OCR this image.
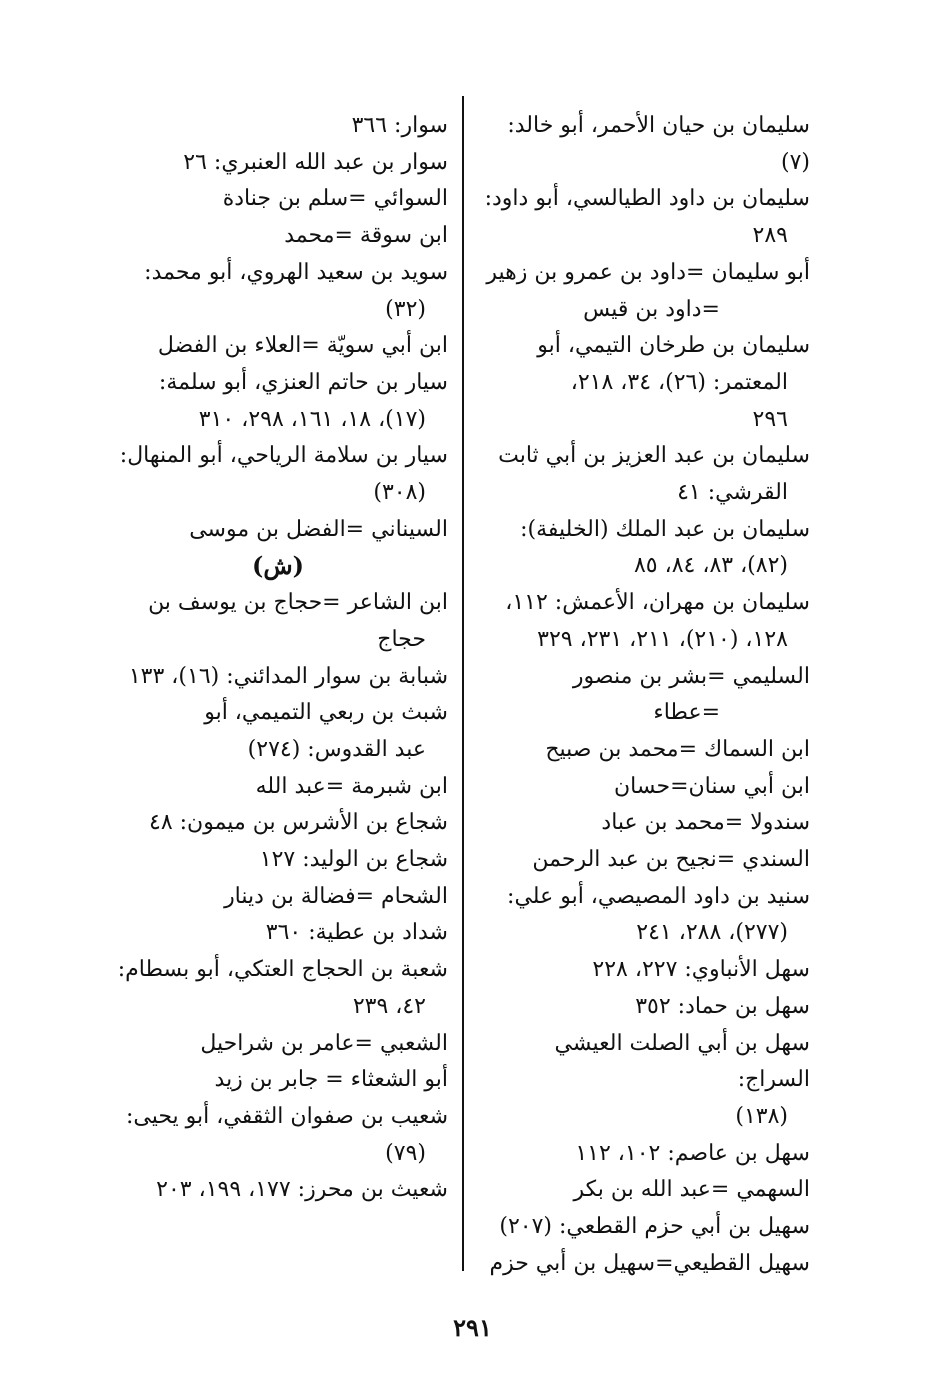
سليمان بن حيان الأحمر، أبو خالد: (٧)
سليمان بن داود الطيالسي، أبو داود:
٢٨٩
أبو سليمان =داود بن عمرو بن زهير
=داود بن قيس
سليمان بن طرخان التيمي، أبو
المعتمر: (٢٦)، ٣٤، ٢١٨،
٢٩٦
سليمان بن عبد العزيز بن أبي ثابت
القرشي: ٤١
سليمان بن عبد الملك (الخليفة):
(٨٢)، ٨٣، ٨٤، ٨٥
سليمان بن مهران، الأعمش: ١١٢،
١٢٨، (٢١٠)، ٢١١، ٢٣١، ٣٢٩
السليمي =بشر بن منصور
=عطاء
ابن السماك =محمد بن صبيح
ابن أبي سنان=حسان
سندولا =محمد بن عباد
السندي =نجيح بن عبد الرحمن
سنيد بن داود المصيصي، أبو علي:
(٢٧٧)، ٢٨٨، ٢٤١
سهل الأنباوي: ٢٢٧، ٢٢٨
سهل بن حماد: ٣٥٢
سهل بن أبي الصلت العيشي السراج:
(١٣٨)
سهل بن عاصم: ١٠٢، ١١٢
السهمي =عبد الله بن بكر
سهيل بن أبي حزم القطعي: (٢٠٧)
سهيل القطيعي=سهيل بن أبي حزم
سوار: ٣٦٦
سوار بن عبد الله العنبري: ٢٦
السوائي =سلم بن جنادة
ابن سوقة =محمد
سويد بن سعيد الهروي، أبو محمد:
(٣٢)
ابن أبي سويّة =العلاء بن الفضل
سيار بن حاتم العنزي، أبو سلمة:
(١٧)، ١٨، ١٦١، ٢٩٨، ٣١٠
سيار بن سلامة الرياحي، أبو المنهال:
(٣٠٨)
السيناني =الفضل بن موسى
(ش)
ابن الشاعر =حجاج بن يوسف بن
حجاج
شبابة بن سوار المدائني: (١٦)، ١٣٣
شبث بن ربعي التميمي، أبو
عبد القدوس: (٢٧٤)
ابن شبرمة =عبد الله
شجاع بن الأشرس بن ميمون: ٤٨
شجاع بن الوليد: ١٢٧
الشحام =فضالة بن دينار
شداد بن عطية: ٣٦٠
شعبة بن الحجاج العتكي، أبو بسطام:
٤٢، ٢٣٩
الشعبي =عامر بن شراحيل
أبو الشعثاء = جابر بن زيد
شعيب بن صفوان الثقفي، أبو يحيى:
(٧٩)
شعيث بن محرز: ١٧٧، ١٩٩، ٢٠٣
٢٩١
